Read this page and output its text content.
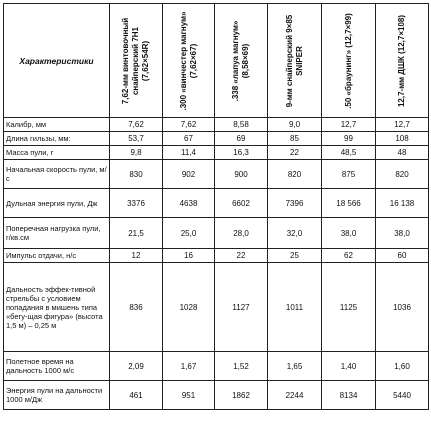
Характеристики	7,62-мм винтовочный снайперский 7Н1 (7,62×54R)	.300 «винчестер магнум» (7,62×67)	.338 «лапуа магнум» (8,58×69)	9-мм снайперский 9×85 SNIPER	.50 «браунинг» (12,7×99)	12,7-мм ДШК (12,7×108)

Калибр, мм	7,62	7,62	8,58	9,0	12,7	12,7
Длина гильзы, мм:	53,7	67	69	85	99	108
Масса пули, г	9,8	11,4	16,3	22	48,5	48
Начальная скорость пули, м/с	830	902	900	820	875	820
Дульная энергия пули, Дж	3376	4638	6602	7396	18 566	16 138
Поперечная нагрузка пули, г/кв.см	21,5	25,0	28,0	32,0	38,0	38,0
Импульс отдачи, н/с	12	16	22	25	62	60
Дальность эффек-тивной стрельбы с условием попадания в мишень типа «бегу-щая фигура» (высота 1,5 м) – 0,25 м	836	1028	1127	1011	1125	1036
Полетное время на дальность 1000 м/с	2,09	1,67	1,52	1,65	1,40	1,60
Энергия пули на дальности 1000 м/Дж	461	951	1862	2244	8134	5440
